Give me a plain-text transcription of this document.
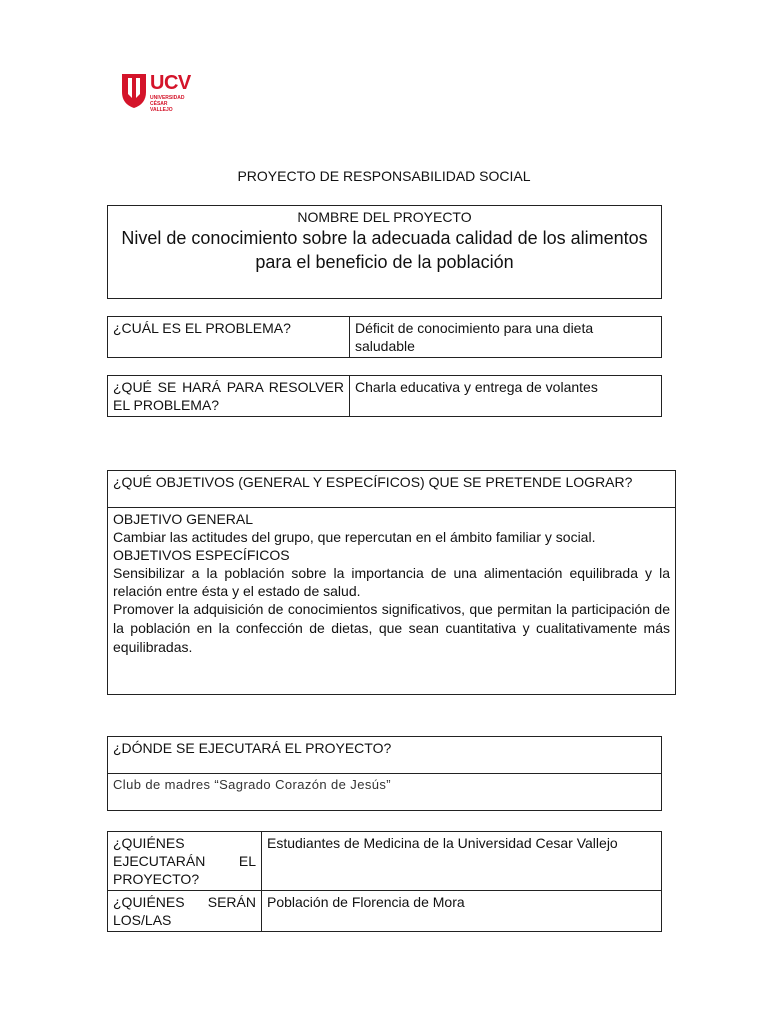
UCV
UNIVERSIDAD CÉSAR VALLEJO
PROYECTO DE RESPONSABILIDAD SOCIAL
NOMBRE DEL PROYECTO
Nivel de conocimiento sobre la adecuada calidad de los alimentos
para el beneficio de la población
¿CUÁL ES EL PROBLEMA?	Déficit de conocimiento para una dieta saludable
¿QUÉ SE HARÁ PARA RESOLVER EL PROBLEMA?	Charla educativa y entrega de volantes
¿QUÉ OBJETIVOS (GENERAL Y ESPECÍFICOS) QUE SE PRETENDE LOGRAR?

OBJETIVO GENERAL
Cambiar las actitudes del grupo, que repercutan en el ámbito familiar y social.
OBJETIVOS ESPECÍFICOS
Sensibilizar a la población sobre la importancia de una alimentación equilibrada y la relación entre ésta y el estado de salud.
Promover la adquisición de conocimientos significativos, que permitan la participación de la población en la confección de dietas, que sean cuantitativa y cualitativamente más equilibradas.
¿DÓNDE SE EJECUTARÁ EL PROYECTO?
Club de madres “Sagrado Corazón de Jesús”
¿QUIÉNES EJECUTARÁN EL PROYECTO?	Estudiantes de Medicina de la Universidad Cesar Vallejo
¿QUIÉNES SERÁN LOS/LAS	Población de Florencia de Mora
